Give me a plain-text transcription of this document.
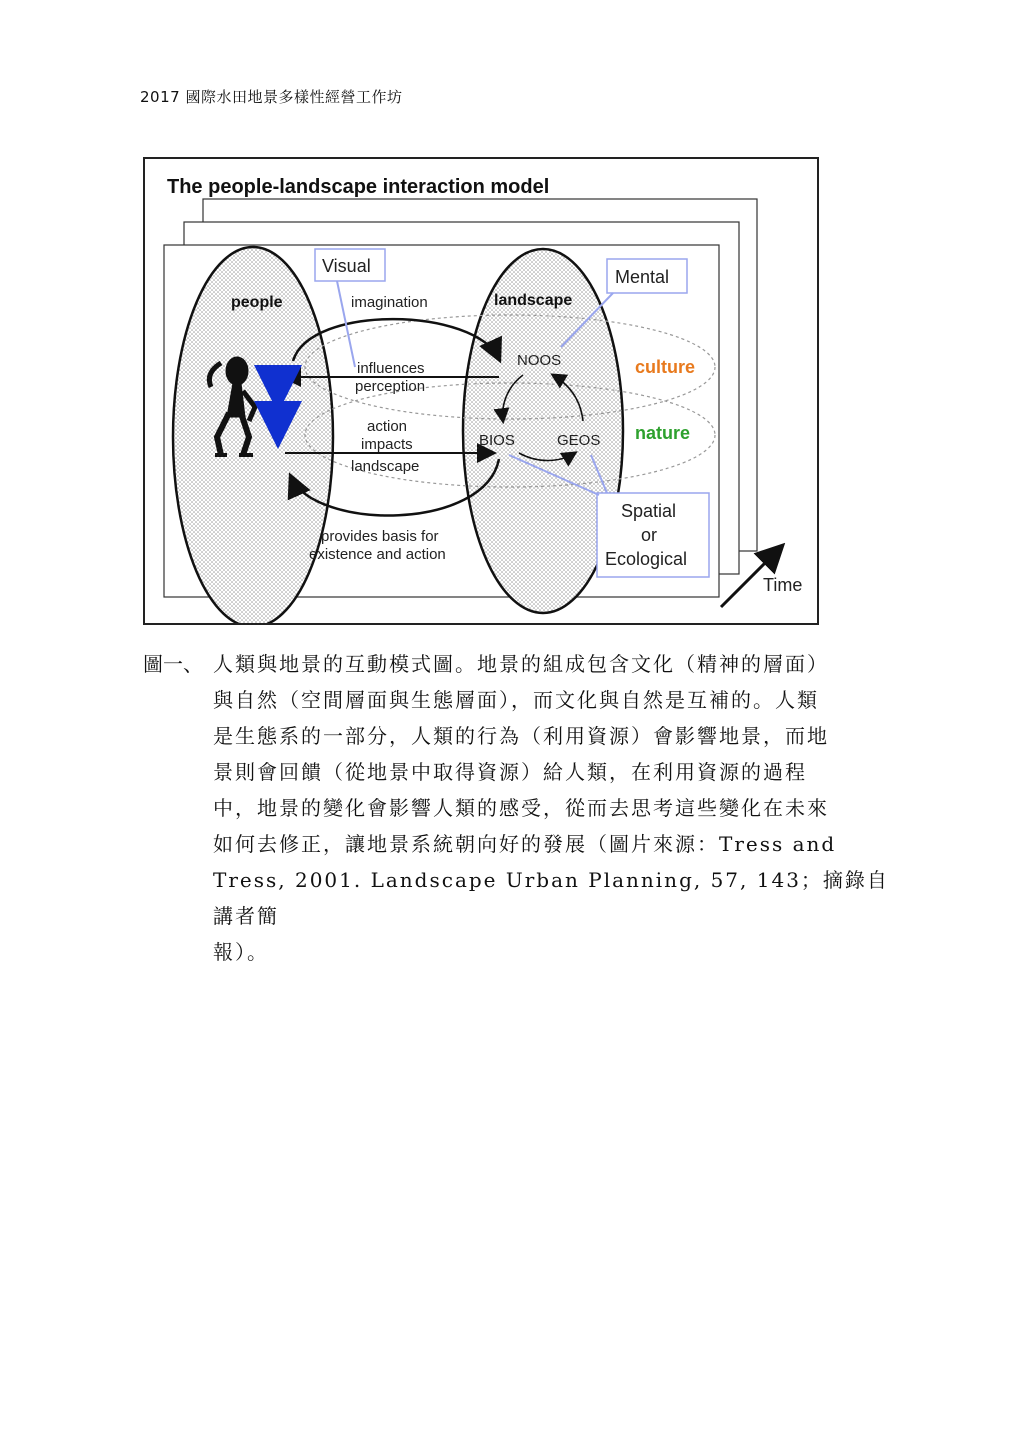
2017 國際水田地景多樣性經營工作坊
The people-landscape interaction model
people	landscape
imagination
influences
perception
action
impacts
landscape
provides basis for
existence and action
NOOS
BIOS	GEOS
culture
nature
Visual
Mental
Spatial
or
Ecological
Time
圖一、 人類與地景的互動模式圖。地景的組成包含文化（精神的層面）

與自然（空間層面與生態層面），而文化與自然是互補的。人類

是生態系的一部分，人類的行為（利用資源）會影響地景，而地

景則會回饋（從地景中取得資源）給人類，在利用資源的過程

中，地景的變化會影響人類的感受，從而去思考這些變化在未來

如何去修正，讓地景系統朝向好的發展（圖片來源：Tress and

Tress, 2001. Landscape Urban Planning, 57, 143；摘錄自講者簡

報）。
